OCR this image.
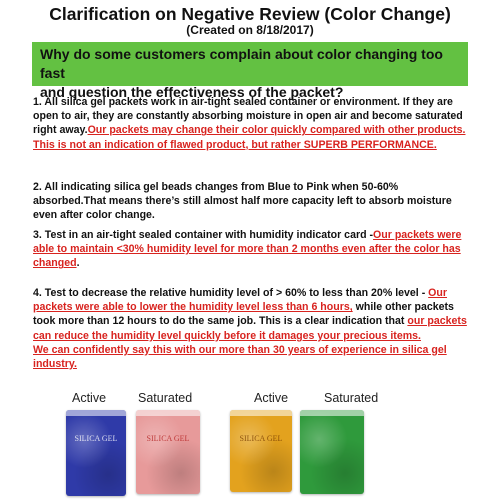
Clarification on Negative Review (Color Change)
(Created on 8/18/2017)
Why do some customers complain about color changing too fast
and question the effectiveness of the packet?
1. All silica gel packets work in air-tight sealed container or environment. If they are open to air, they are constantly absorbing moisture in open air and become saturated right away.Our packets may change their color quickly compared with other products. This is not an indication of flawed product, but rather SUPERB PERFORMANCE.
2. All indicating silica gel beads changes from Blue to Pink when 50-60% absorbed.That means there’s still almost half more capacity left to absorb moisture even after color change.
3. Test in an air-tight sealed container with humidity indicator card -Our packets were able to maintain <30% humidity level for more than 2 months even after the color has changed.
4. Test to decrease the relative humidity level of > 60% to less than 20% level - Our packets were able to lower the humidity level less than 6 hours, while other packets took more than 12 hours to do the same job. This is a clear indication that our packets can reduce the humidity level quickly before it damages your precious items.
We can confidently say this with our more than 30 years of experience in silica gel industry.
Active	Saturated	Active	Saturated
SILICA GEL	SILICA GEL	SILICA GEL
